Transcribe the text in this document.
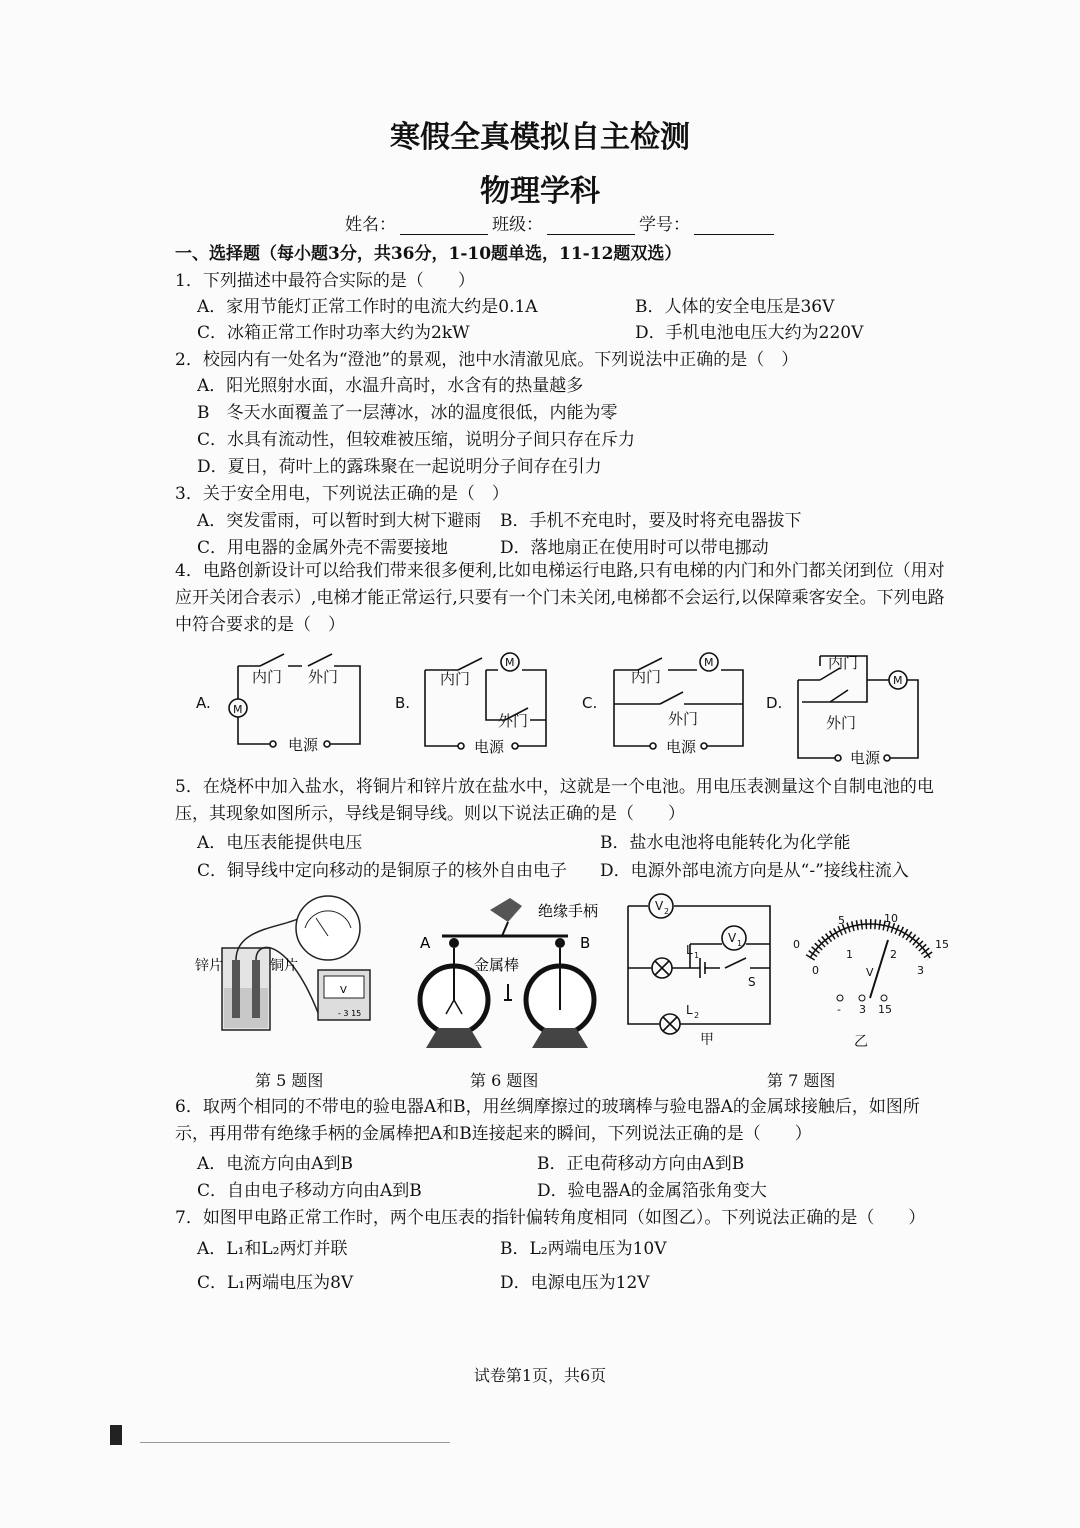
寒假全真模拟自主检测
物理学科
姓名：	班级：	学号：
一、选择题（每小题3分，共36分，1-10题单选，11-12题双选）
1．下列描述中最符合实际的是（　　）
A．家用节能灯正常工作时的电流大约是0.1A	B．人体的安全电压是36V
C．冰箱正常工作时功率大约为2kW	D．手机电池电压大约为220V
2．校园内有一处名为“澄池”的景观，池中水清澈见底。下列说法中正确的是（　）
A．阳光照射水面，水温升高时，水含有的热量越多
B　冬天水面覆盖了一层薄冰，冰的温度很低，内能为零
C．水具有流动性，但较难被压缩，说明分子间只存在斥力
D．夏日，荷叶上的露珠聚在一起说明分子间存在引力
3．关于安全用电，下列说法正确的是（　）
A．突发雷雨，可以暂时到大树下避雨 B．手机不充电时，要及时将充电器拔下
C．用电器的金属外壳不需要接地	D．落地扇正在使用时可以带电挪动
4．电路创新设计可以给我们带来很多便利,比如电梯运行电路,只有电梯的内门和外门都关闭到位（用对应开关闭合表示）,电梯才能正常运行,只要有一个门未关闭,电梯都不会运行,以保障乘客安全。下列电路中符合要求的是（　）
A.	B.	C.	D.
内门 外门
电源
M
内门
外门
电源
M
内门
外门
电源
M	内门
外门
电源
M
5．在烧杯中加入盐水，将铜片和锌片放在盐水中，这就是一个电池。用电压表测量这个自制电池的电压，其现象如图所示，导线是铜导线。则以下说法正确的是（　　）
A．电压表能提供电压	B．盐水电池将电能转化为化学能
C．铜导线中定向移动的是铜原子的核外自由电子 D．电源外部电流方向是从“-”接线柱流入
V
- 3 15
锌片	铜片
A	B
绝缘手柄
金属棒
V 2
V 1
L 1
L 2
S
甲
5	10
0	15
0
1	2
3
V
- 3 15
乙
第 5 题图	第 6 题图	第 7 题图
6．取两个相同的不带电的验电器A和B，用丝绸摩擦过的玻璃棒与验电器A的金属球接触后，如图所示，再用带有绝缘手柄的金属棒把A和B连接起来的瞬间，下列说法正确的是（　　）
A．电流方向由A到B	B．正电荷移动方向由A到B
C．自由电子移动方向由A到B	D．验电器A的金属箔张角变大
7．如图甲电路正常工作时，两个电压表的指针偏转角度相同（如图乙）。下列说法正确的是（　　）
A．L₁和L₂两灯并联	B．L₂两端电压为10V
C．L₁两端电压为8V	D．电源电压为12V
试卷第1页，共6页
